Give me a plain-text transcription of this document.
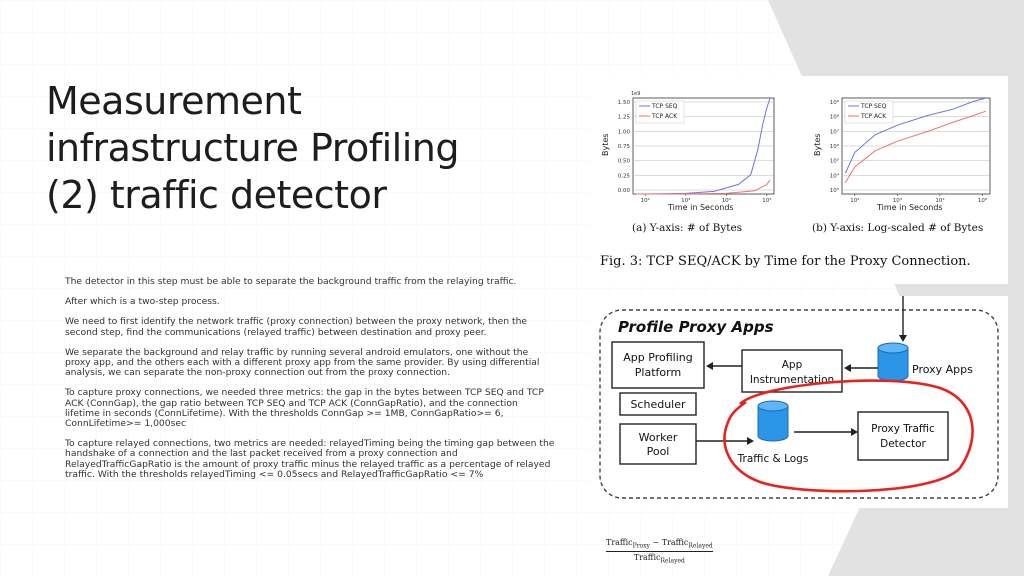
Measurement
infrastructure Profiling
(2) traffic detector

The detector in this step must be able to separate the background traffic from the relaying traffic.

After which is a two-step process.

We need to first identify the network traffic (proxy connection) between the proxy network, then the second step, find the communications (relayed traffic) between destination and proxy peer.

We separate the background and relay traffic by running several android emulators, one without the proxy app, and the others each with a different proxy app from the same provider. By using differential analysis, we can separate the non-proxy connection out from the proxy connection.

To capture proxy connections, we needed three metrics: the gap in the bytes between TCP SEQ and TCP ACK (ConnGap), the gap ratio between TCP SEQ and TCP ACK (ConnGapRatio), and the connection lifetime in seconds (ConnLifetime). With the thresholds ConnGap >= 1MB, ConnGapRatio>= 6, ConnLifetime>= 1,000sec

To capture relayed connections, two metrics are needed: relayedTiming being the timing gap between the handshake of a connection and the last packet received from a proxy connection and RelayedTrafficGapRatio is the amount of proxy traffic minus the relayed traffic as a percentage of relayed traffic. With the thresholds relayedTiming <= 0.05secs and RelayedTrafficGapRatio <= 7%

1e9
1.50
1.25
1.00
0.75
0.50
0.25
0.00
10²	10³	10⁴	10⁵
Bytes
Time in Seconds
TCP SEQ
TCP ACK
10⁹
10⁸
10⁷
10⁶
10⁵
10⁴
10³
10²	10³	10⁴	10⁵
Bytes
Time in Seconds
TCP SEQ
TCP ACK
(a) Y-axis: # of Bytes	(b) Y-axis: Log-scaled # of Bytes
Fig. 3: TCP SEQ/ACK by Time for the Proxy Connection.
Profile Proxy Apps
App Profiling
Platform
Scheduler
Worker
Pool
App
Instrumentation
Proxy Apps
Traffic & Logs
Proxy Traffic
Detector
Traffic$_{Proxy}$ − Traffic$_{Relayed}$
Traffic$_{Relayed}$
